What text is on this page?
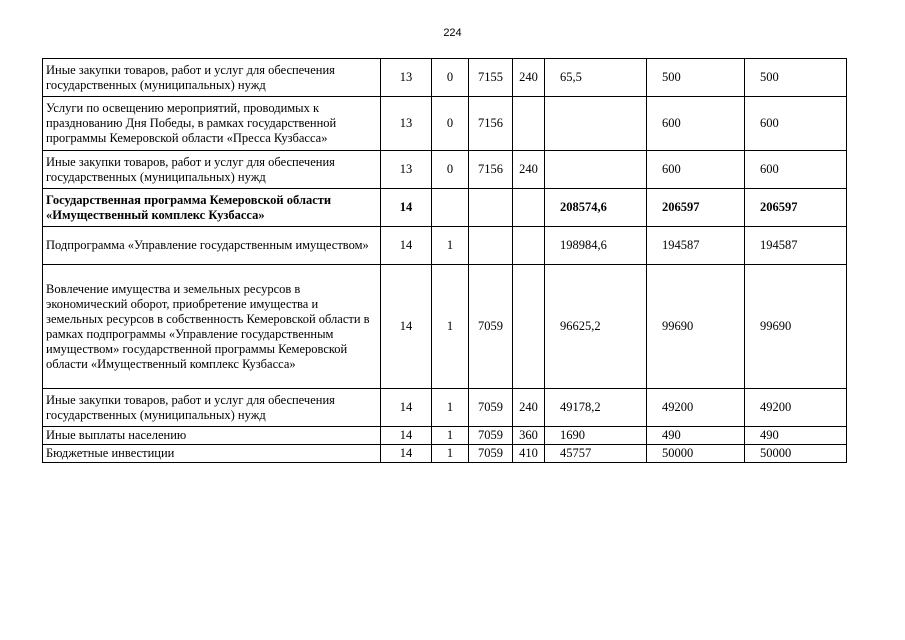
224
Иные закупки товаров, работ и услуг для обеспечения государственных (муниципальных) нужд	13	0	7155	240	65,5	500	500
Услуги по освещению мероприятий, проводимых к празднованию Дня Победы, в рамках государственной программы Кемеровской области «Пресса Кузбасса»	13	0	7156			600	600
Иные закупки товаров, работ и услуг для обеспечения государственных (муниципальных) нужд	13	0	7156	240		600	600
Государственная программа Кемеровской области «Имущественный комплекс Кузбасса»	14				208574,6	206597	206597
Подпрограмма «Управление государственным имуществом»	14	1			198984,6	194587	194587
Вовлечение имущества и земельных ресурсов в экономический оборот, приобретение имущества и земельных ресурсов в собственность Кемеровской области в рамках подпрограммы «Управление государственным имуществом» государственной программы Кемеровской области «Имущественный комплекс Кузбасса»	14	1	7059		96625,2	99690	99690
Иные закупки товаров, работ и услуг для обеспечения государственных (муниципальных) нужд	14	1	7059	240	49178,2	49200	49200
Иные выплаты населению	14	1	7059	360	1690	490	490
Бюджетные инвестиции	14	1	7059	410	45757	50000	50000
